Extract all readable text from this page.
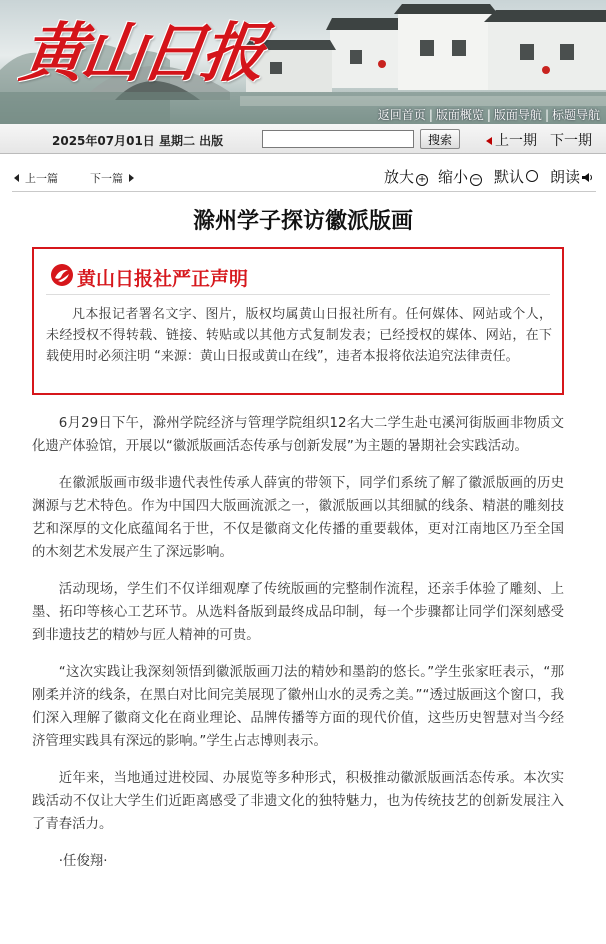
黄山日报
返回首页 | 版面概览 | 版面导航 | 标题导航
2025年07月01日 星期二 出版	搜索	上一期 下一期
上一篇	下一篇	放大 + 缩小 − 默认	朗读
滁州学子探访徽派版画
黄山日报社严正声明

凡本报记者署名文字、图片，版权均属黄山日报社所有。任何媒体、网站或个人，未经授权不得转载、链接、转贴或以其他方式复制发表；已经授权的媒体、网站，在下载使用时必须注明 “来源：黄山日报或黄山在线”，违者本报将依法追究法律责任。

6月29日下午，滁州学院经济与管理学院组织12名大二学生赴屯溪河街版画非物质文化遗产体验馆，开展以“徽派版画活态传承与创新发展”为主题的暑期社会实践活动。

在徽派版画市级非遗代表性传承人薛寅的带领下，同学们系统了解了徽派版画的历史渊源与艺术特色。作为中国四大版画流派之一，徽派版画以其细腻的线条、精湛的雕刻技艺和深厚的文化底蕴闻名于世，不仅是徽商文化传播的重要载体，更对江南地区乃至全国的木刻艺术发展产生了深远影响。

活动现场，学生们不仅详细观摩了传统版画的完整制作流程，还亲手体验了雕刻、上墨、拓印等核心工艺环节。从选料备版到最终成品印制，每一个步骤都让同学们深刻感受到非遗技艺的精妙与匠人精神的可贵。

“这次实践让我深刻领悟到徽派版画刀法的精妙和墨韵的悠长。”学生张家旺表示，“那刚柔并济的线条，在黑白对比间完美展现了徽州山水的灵秀之美。”“透过版画这个窗口，我们深入理解了徽商文化在商业理论、品牌传播等方面的现代价值，这些历史智慧对当今经济管理实践具有深远的影响。”学生占志博则表示。

近年来，当地通过进校园、办展览等多种形式，积极推动徽派版画活态传承。本次实践活动不仅让大学生们近距离感受了非遗文化的独特魅力，也为传统技艺的创新发展注入了青春活力。

·任俊翔·
